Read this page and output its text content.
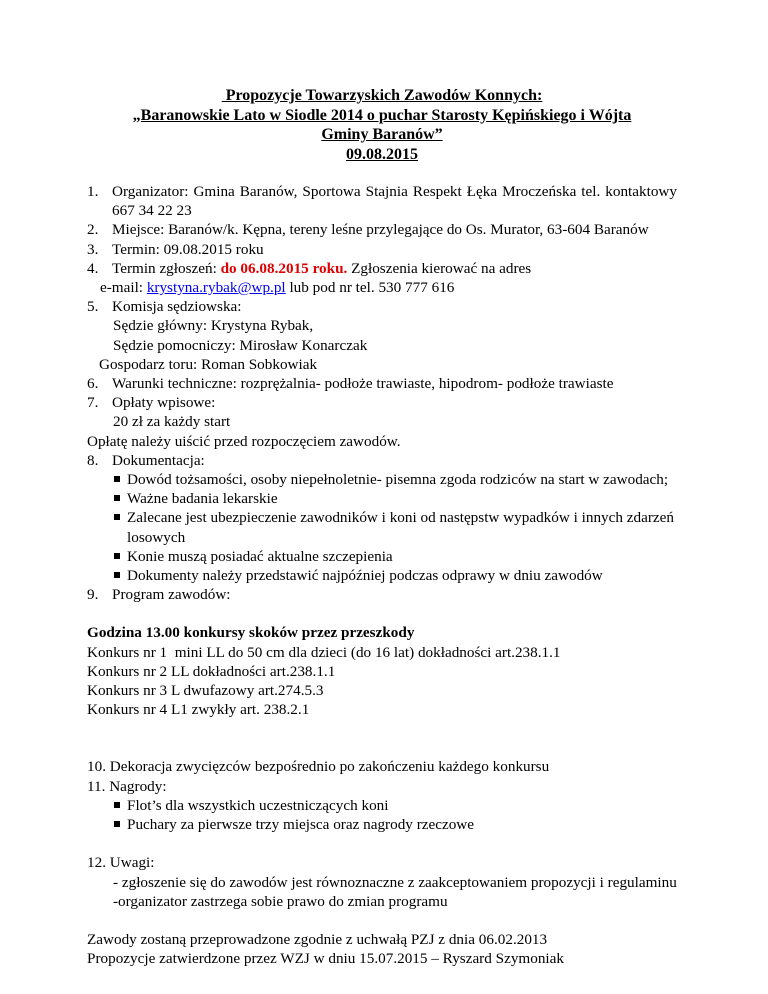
Propozycje Towarzyskich Zawodów Konnych:

„Baranowskie Lato w Siodle 2014 o puchar Starosty Kępińskiego i Wójta

Gminy Baranów”

09.08.2015

1. Organizator: Gmina Baranów, Sportowa Stajnia Respekt Łęka Mroczeńska tel. kontaktowy 667 34 22 23
2. Miejsce: Baranów/k. Kępna, tereny leśne przylegające do Os. Murator, 63-604 Baranów
3. Termin: 09.08.2015 roku
4. Termin zgłoszeń: do 06.08.2015 roku. Zgłoszenia kierować na adres
e-mail: krystyna.rybak@wp.pl lub pod nr tel. 530 777 616
5. Komisja sędziowska:
Sędzie główny: Krystyna Rybak,
Sędzie pomocniczy: Mirosław Konarczak
Gospodarz toru: Roman Sobkowiak
6. Warunki techniczne: rozprężalnia- podłoże trawiaste, hipodrom- podłoże trawiaste
7. Opłaty wpisowe:
20 zł za każdy start
Opłatę należy uiścić przed rozpoczęciem zawodów.
8. Dokumentacja:
Dowód tożsamości, osoby niepełnoletnie- pisemna zgoda rodziców na start w zawodach;
Ważne badania lekarskie
Zalecane jest ubezpieczenie zawodników i koni od następstw wypadków i innych zdarzeń losowych
Konie muszą posiadać aktualne szczepienia
Dokumenty należy przedstawić najpóźniej podczas odprawy w dniu zawodów
9. Program zawodów:
Godzina 13.00 konkursy skoków przez przeszkody
Konkurs nr 1  mini LL do 50 cm dla dzieci (do 16 lat) dokładności art.238.1.1
Konkurs nr 2 LL dokładności art.238.1.1
Konkurs nr 3 L dwufazowy art.274.5.3
Konkurs nr 4 L1 zwykły art. 238.2.1
10. Dekoracja zwycięzców bezpośrednio po zakończeniu każdego konkursu
11. Nagrody:
Flot’s dla wszystkich uczestniczących koni
Puchary za pierwsze trzy miejsca oraz nagrody rzeczowe
12. Uwagi:
- zgłoszenie się do zawodów jest równoznaczne z zaakceptowaniem propozycji i regulaminu
-organizator zastrzega sobie prawo do zmian programu
Zawody zostaną przeprowadzone zgodnie z uchwałą PZJ z dnia 06.02.2013
Propozycje zatwierdzone przez WZJ w dniu 15.07.2015 – Ryszard Szymoniak
